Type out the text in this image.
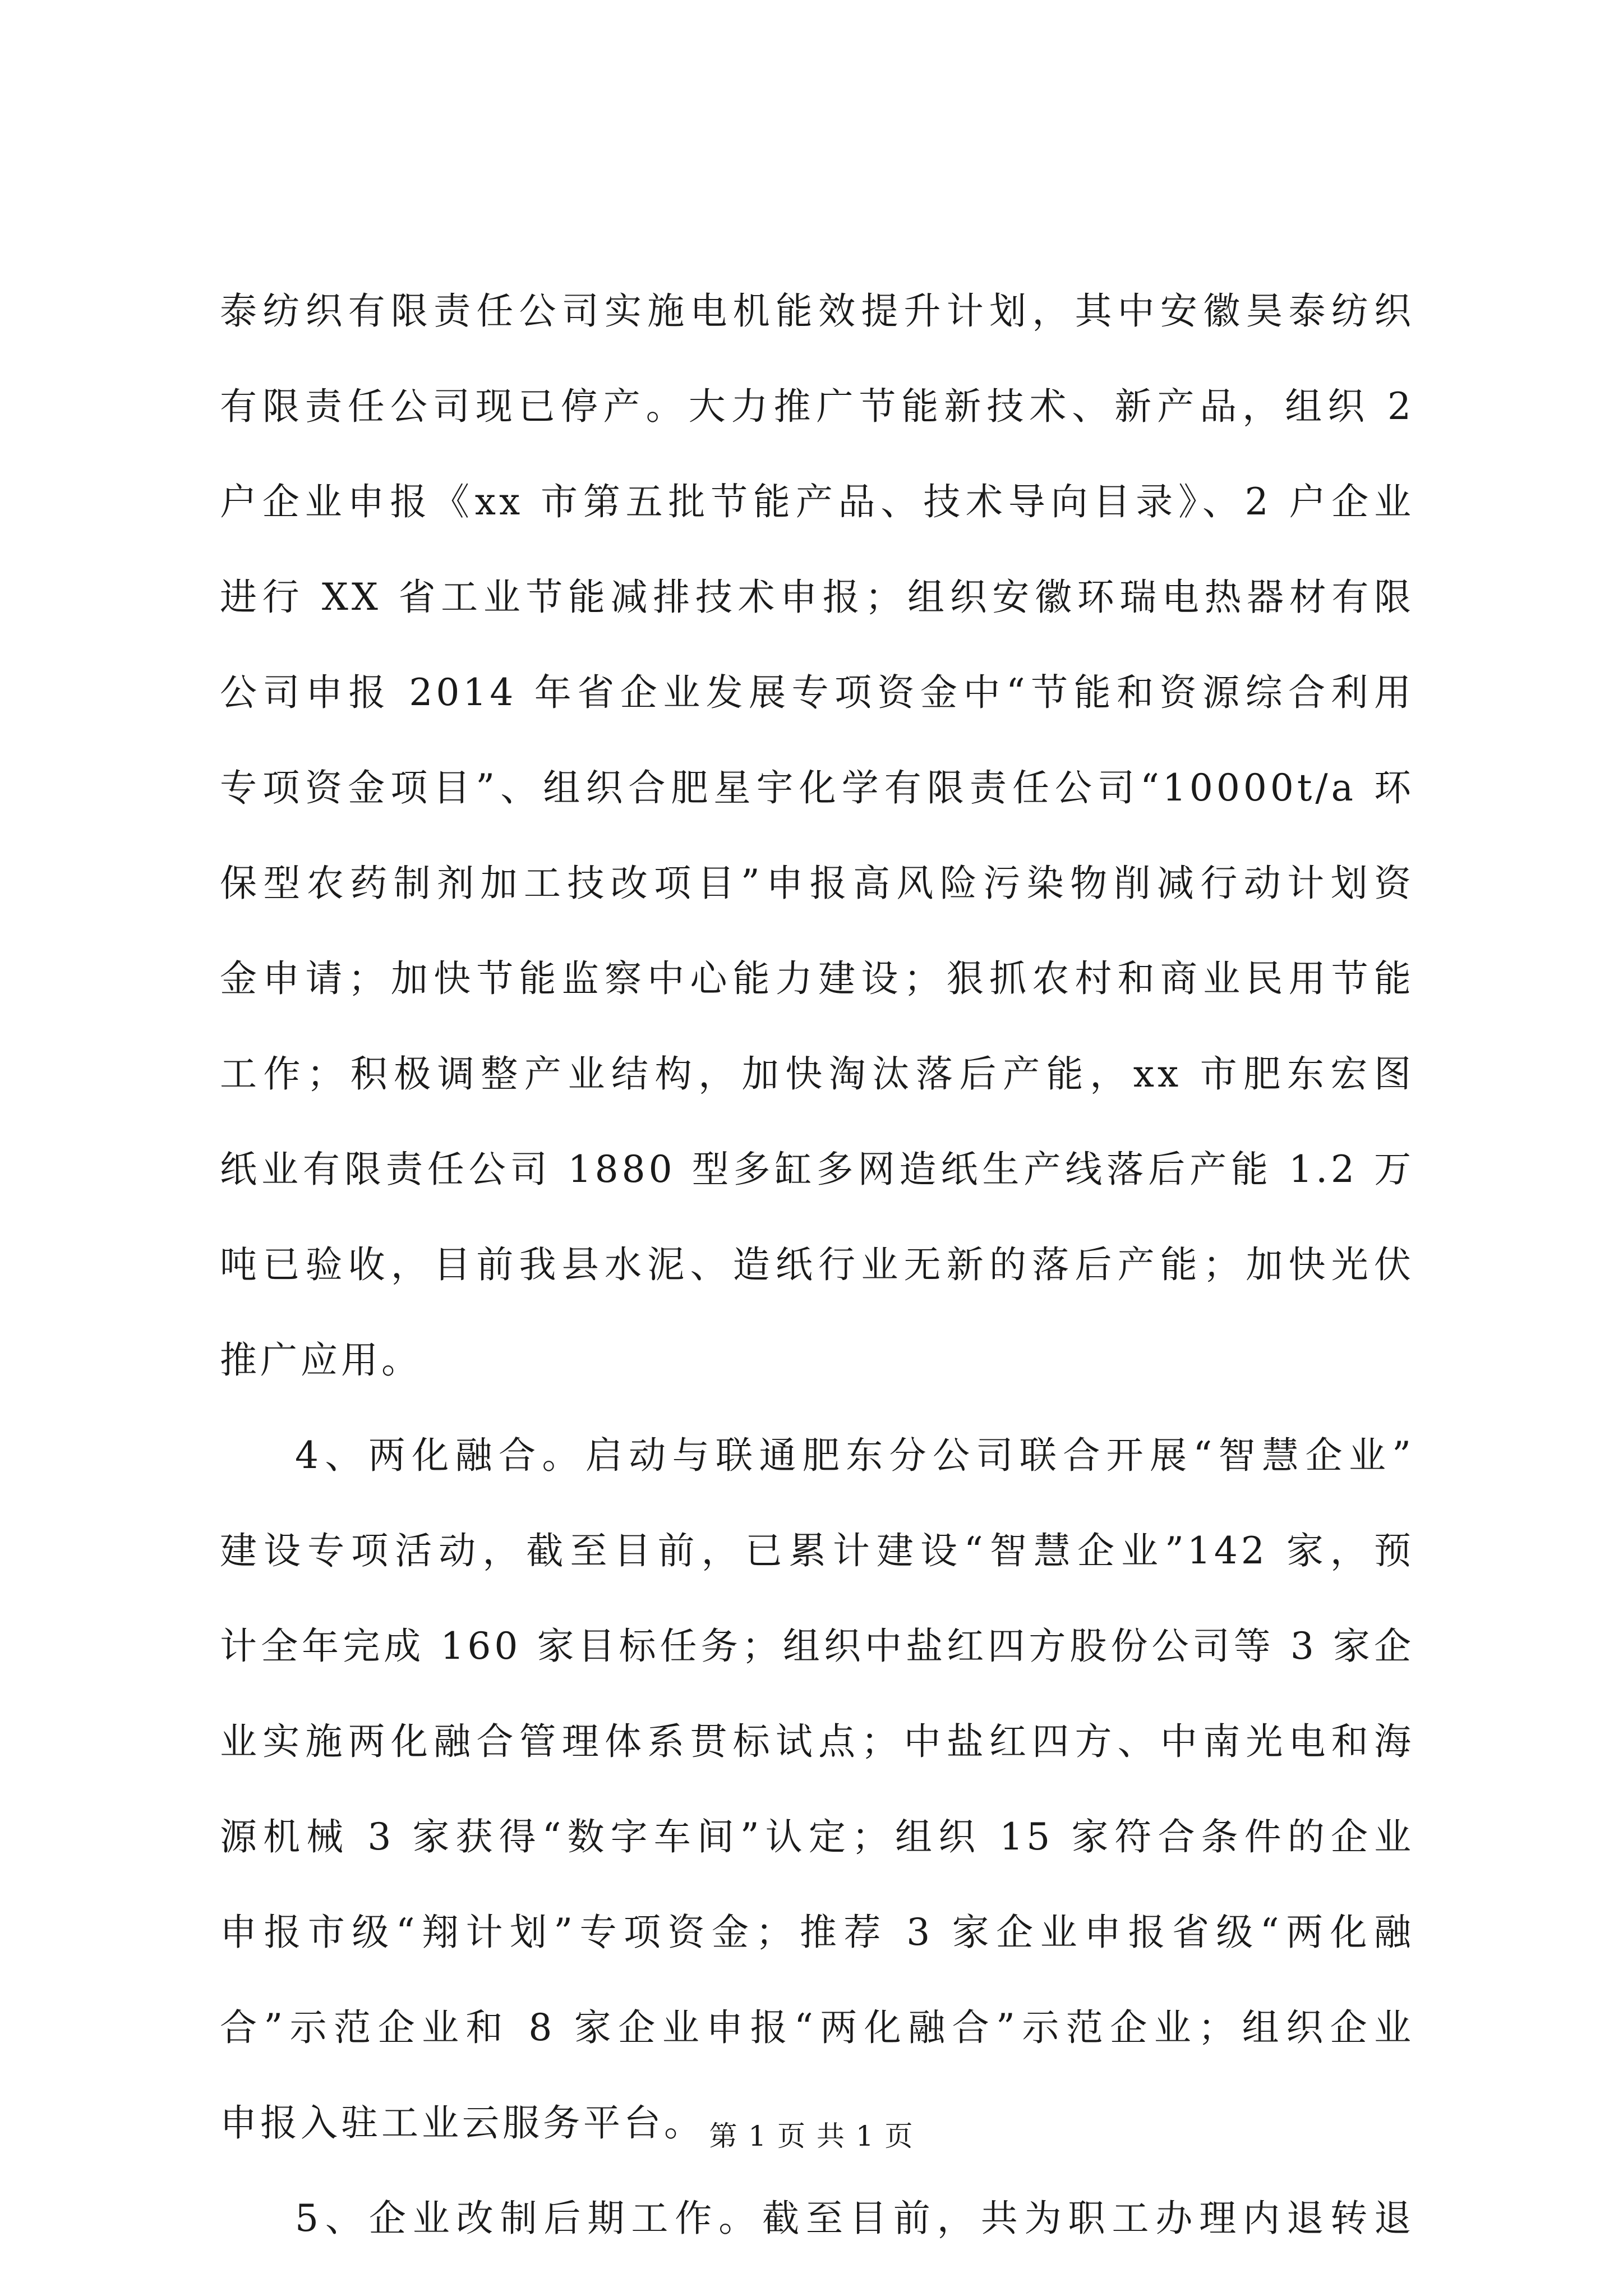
泰纺织有限责任公司实施电机能效提升计划，其中安徽昊泰纺织
有限责任公司现已停产。大力推广节能新技术、新产品，组织 2
户企业申报《xx 市第五批节能产品、技术导向目录》、2 户企业
进行 XX 省工业节能减排技术申报；组织安徽环瑞电热器材有限
公司申报 2014 年省企业发展专项资金中“节能和资源综合利用
专项资金项目”、组织合肥星宇化学有限责任公司“10000t/a 环
保型农药制剂加工技改项目”申报高风险污染物削减行动计划资
金申请；加快节能监察中心能力建设；狠抓农村和商业民用节能
工作；积极调整产业结构，加快淘汰落后产能，xx 市肥东宏图
纸业有限责任公司 1880 型多缸多网造纸生产线落后产能 1.2 万
吨已验收，目前我县水泥、造纸行业无新的落后产能；加快光伏
推广应用。
4、两化融合。启动与联通肥东分公司联合开展“智慧企业”
建设专项活动，截至目前，已累计建设“智慧企业”142 家，预
计全年完成 160 家目标任务；组织中盐红四方股份公司等 3 家企
业实施两化融合管理体系贯标试点；中盐红四方、中南光电和海
源机械 3 家获得“数字车间”认定；组织 15 家符合条件的企业
申报市级“翔计划”专项资金；推荐 3 家企业申报省级“两化融
合”示范企业和 8 家企业申报“两化融合”示范企业；组织企业
申报入驻工业云服务平台。
5、企业改制后期工作。截至目前，共为职工办理内退转退
第 1 页 共 1 页
